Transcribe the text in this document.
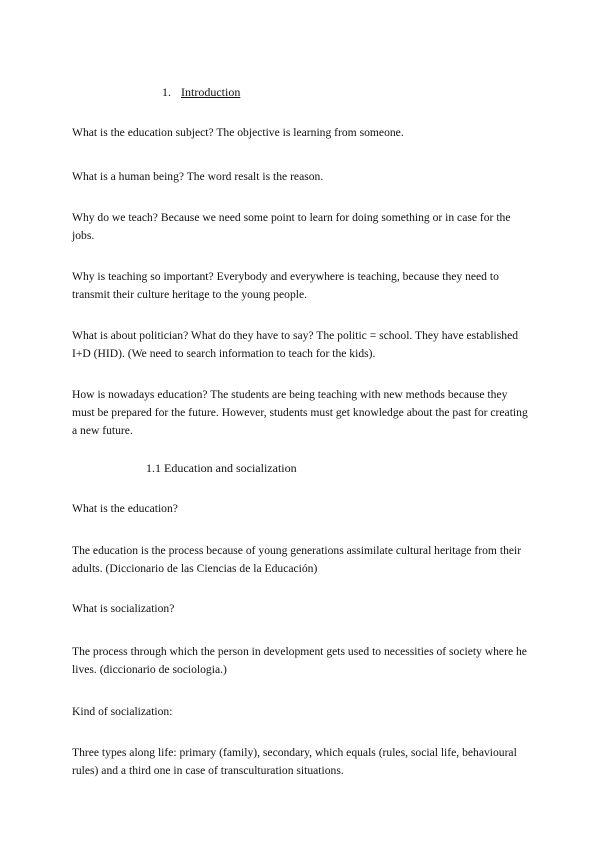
1. Introduction

What is the education subject? The objective is learning from someone.

What is a human being? The word resalt is the reason.

Why do we teach? Because we need some point to learn for doing something or in case for the jobs.

Why is teaching so important? Everybody and everywhere is teaching, because they need to transmit their culture heritage to the young people.

What is about politician? What do they have to say? The politic = school. They have established I+D (HID). (We need to search information to teach for the kids).

How is nowadays education? The students are being teaching with new methods because they must be prepared for the future. However, students must get knowledge about the past for creating a new future.

1.1 Education and socialization

What is the education?

The education is the process because of young generations assimilate cultural heritage from their adults. (Diccionario de las Ciencias de la Educación)

What is socialization?

The process through which the person in development gets used to necessities of society where he lives. (diccionario de sociologia.)

Kind of socialization:

Three types along life: primary (family), secondary, which equals (rules, social life, behavioural rules) and a third one in case of transculturation situations.
